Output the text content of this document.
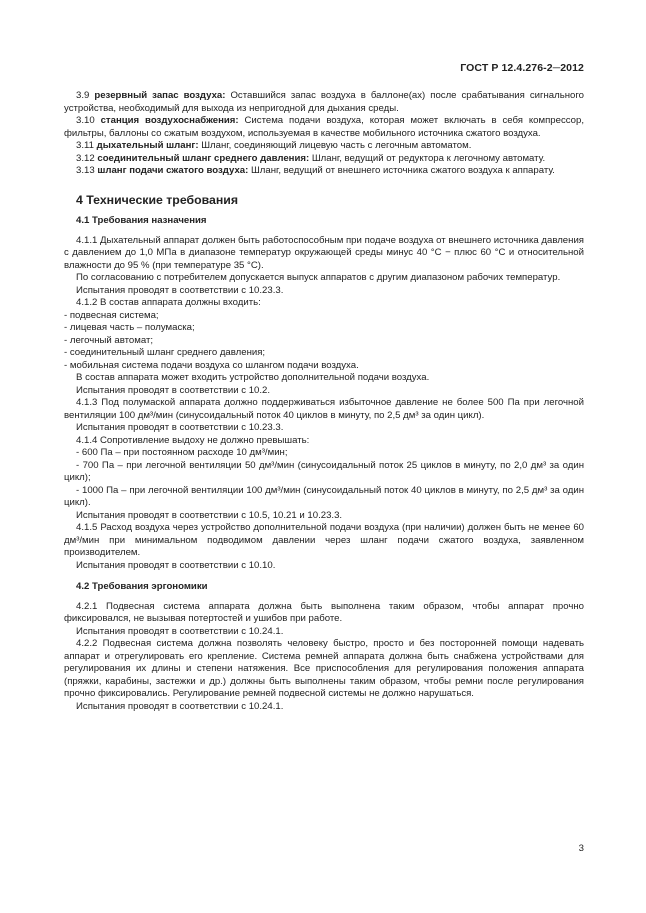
ГОСТ Р 12.4.276-2─2012

3.9 резервный запас воздуха: Оставшийся запас воздуха в баллоне(ах) после срабатывания сигнального устройства, необходимый для выхода из непригодной для дыхания среды.

3.10 станция воздухоснабжения: Система подачи воздуха, которая может включать в себя компрессор, фильтры, баллоны со сжатым воздухом, используемая в качестве мобильного источника сжатого воздуха.

3.11 дыхательный шланг: Шланг, соединяющий лицевую часть с легочным автоматом.

3.12 соединительный шланг среднего давления: Шланг, ведущий от редуктора к легочному автомату.

3.13 шланг подачи сжатого воздуха: Шланг, ведущий от внешнего источника сжатого воздуха к аппарату.

4 Технические требования
4.1 Требования назначения

4.1.1 Дыхательный аппарат должен быть работоспособным при подаче воздуха от внешнего источника давления с давлением до 1,0 МПа в диапазоне температур окружающей среды минус 40 °С − плюс 60 °С и относительной влажности до 95 % (при температуре 35 °С).

По согласованию с потребителем допускается выпуск аппаратов с другим диапазоном рабочих температур.

Испытания проводят в соответствии с 10.23.3.

4.1.2 В состав аппарата должны входить:

- подвесная система;

- лицевая часть – полумаска;

- легочный автомат;

- соединительный шланг среднего давления;

- мобильная система подачи воздуха со шлангом подачи воздуха.

В состав аппарата может входить устройство дополнительной подачи воздуха.

Испытания проводят в соответствии с 10.2.

4.1.3 Под полумаской аппарата должно поддерживаться избыточное давление не более 500 Па при легочной вентиляции 100 дм³/мин (синусоидальный поток 40 циклов в минуту, по 2,5 дм³ за один цикл).

Испытания проводят в соответствии с 10.23.3.

4.1.4 Сопротивление выдоху не должно превышать:

- 600 Па – при постоянном расходе 10 дм³/мин;

- 700 Па – при легочной вентиляции 50 дм³/мин (синусоидальный поток 25 циклов в минуту, по 2,0 дм³ за один цикл);

- 1000 Па – при легочной вентиляции 100 дм³/мин (синусоидальный поток 40 циклов в минуту, по 2,5 дм³ за один цикл).

Испытания проводят в соответствии с 10.5, 10.21 и 10.23.3.

4.1.5 Расход воздуха через устройство дополнительной подачи воздуха (при наличии) должен быть не менее 60 дм³/мин при минимальном подводимом давлении через шланг подачи сжатого воздуха, заявленном производителем.

Испытания проводят в соответствии с 10.10.

4.2 Требования эргономики

4.2.1 Подвесная система аппарата должна быть выполнена таким образом, чтобы аппарат прочно фиксировался, не вызывая потертостей и ушибов при работе.

Испытания проводят в соответствии с 10.24.1.

4.2.2 Подвесная система должна позволять человеку быстро, просто и без посторонней помощи надевать аппарат и отрегулировать его крепление. Система ремней аппарата должна быть снабжена устройствами для регулирования их длины и степени натяжения. Все приспособления для регулирования положения аппарата (пряжки, карабины, застежки и др.) должны быть выполнены таким образом, чтобы ремни после регулирования прочно фиксировались. Регулирование ремней подвесной системы не должно нарушаться.

Испытания проводят в соответствии с 10.24.1.

3
